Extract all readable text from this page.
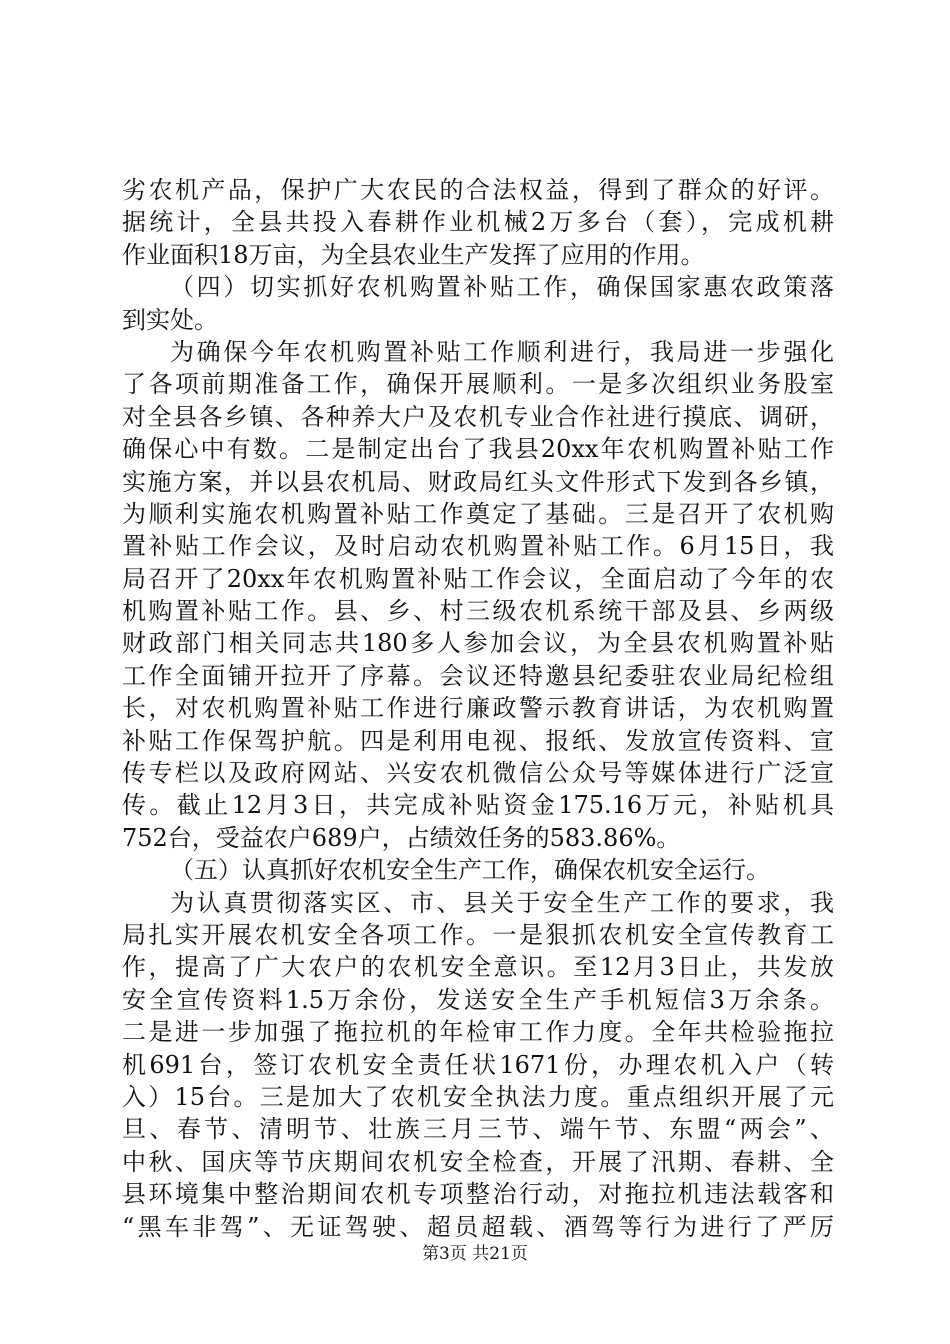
劣农机产品，保护广大农民的合法权益，得到了群众的好评。
据统计，全县共投入春耕作业机械2万多台（套），完成机耕
作业面积18万亩，为全县农业生产发挥了应用的作用。
（四）切实抓好农机购置补贴工作，确保国家惠农政策落
到实处。
为确保今年农机购置补贴工作顺利进行，我局进一步强化
了各项前期准备工作，确保开展顺利。一是多次组织业务股室
对全县各乡镇、各种养大户及农机专业合作社进行摸底、调研，
确保心中有数。二是制定出台了我县20xx年农机购置补贴工作
实施方案，并以县农机局、财政局红头文件形式下发到各乡镇，
为顺利实施农机购置补贴工作奠定了基础。三是召开了农机购
置补贴工作会议，及时启动农机购置补贴工作。6月15日，我
局召开了20xx年农机购置补贴工作会议，全面启动了今年的农
机购置补贴工作。县、乡、村三级农机系统干部及县、乡两级
财政部门相关同志共180多人参加会议，为全县农机购置补贴
工作全面铺开拉开了序幕。会议还特邀县纪委驻农业局纪检组
长，对农机购置补贴工作进行廉政警示教育讲话，为农机购置
补贴工作保驾护航。四是利用电视、报纸、发放宣传资料、宣
传专栏以及政府网站、兴安农机微信公众号等媒体进行广泛宣
传。截止12月3日，共完成补贴资金175.16万元，补贴机具
752台，受益农户689户，占绩效任务的583.86%。
（五）认真抓好农机安全生产工作，确保农机安全运行。
为认真贯彻落实区、市、县关于安全生产工作的要求，我
局扎实开展农机安全各项工作。一是狠抓农机安全宣传教育工
作，提高了广大农户的农机安全意识。至12月3日止，共发放
安全宣传资料1.5万余份，发送安全生产手机短信3万余条。
二是进一步加强了拖拉机的年检审工作力度。全年共检验拖拉
机691台，签订农机安全责任状1671份，办理农机入户（转
入）15台。三是加大了农机安全执法力度。重点组织开展了元
旦、春节、清明节、壮族三月三节、端午节、东盟“两会”、
中秋、国庆等节庆期间农机安全检查，开展了汛期、春耕、全
县环境集中整治期间农机专项整治行动，对拖拉机违法载客和
“黑车非驾”、无证驾驶、超员超载、酒驾等行为进行了严厉
第3页 共21页
